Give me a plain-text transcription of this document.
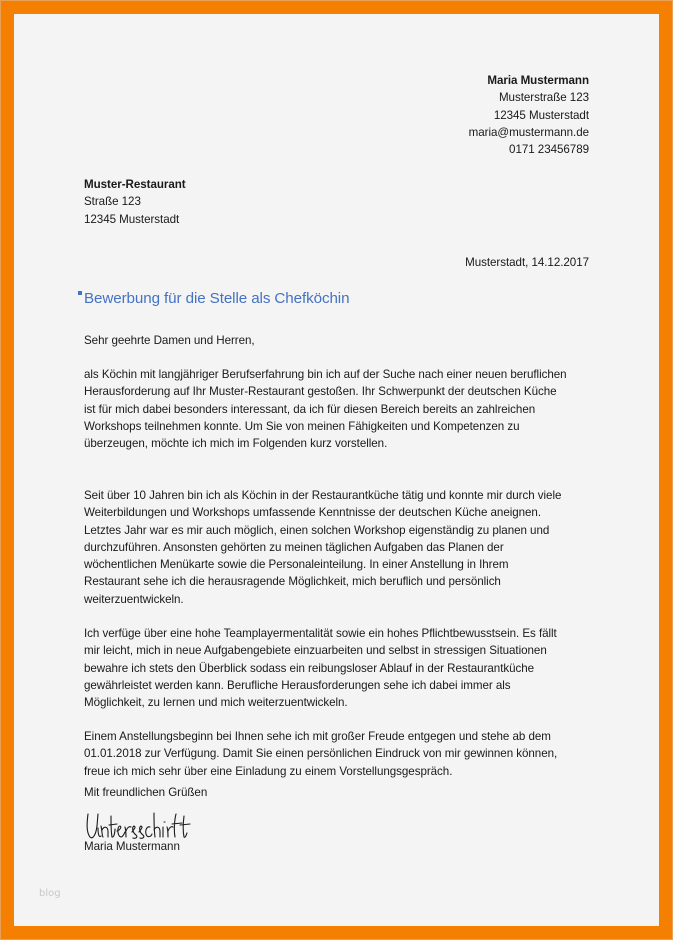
Maria Mustermann
Musterstraße 123
12345 Musterstadt
maria@mustermann.de
0171 23456789
Muster-Restaurant
Straße 123
12345 Musterstadt
Musterstadt, 14.12.2017
Bewerbung für die Stelle als Chefköchin
Sehr geehrte Damen und Herren,
als Köchin mit langjähriger Berufserfahrung bin ich auf der Suche nach einer neuen beruflichen
Herausforderung auf Ihr Muster-Restaurant gestoßen. Ihr Schwerpunkt der deutschen Küche
ist für mich dabei besonders interessant, da ich für diesen Bereich bereits an zahlreichen
Workshops teilnehmen konnte. Um Sie von meinen Fähigkeiten und Kompetenzen zu
überzeugen, möchte ich mich im Folgenden kurz vorstellen.
Seit über 10 Jahren bin ich als Köchin in der Restaurantküche tätig und konnte mir durch viele
Weiterbildungen und Workshops umfassende Kenntnisse der deutschen Küche aneignen.
Letztes Jahr war es mir auch möglich, einen solchen Workshop eigenständig zu planen und
durchzuführen. Ansonsten gehörten zu meinen täglichen Aufgaben das Planen der
wöchentlichen Menükarte sowie die Personaleinteilung. In einer Anstellung in Ihrem
Restaurant sehe ich die herausragende Möglichkeit, mich beruflich und persönlich
weiterzuentwickeln.
Ich verfüge über eine hohe Teamplayermentalität sowie ein hohes Pflichtbewusstsein. Es fällt
mir leicht, mich in neue Aufgabengebiete einzuarbeiten und selbst in stressigen Situationen
bewahre ich stets den Überblick sodass ein reibungsloser Ablauf in der Restaurantküche
gewährleistet werden kann. Berufliche Herausforderungen sehe ich dabei immer als
Möglichkeit, zu lernen und mich weiterzuentwickeln.
Einem Anstellungsbeginn bei Ihnen sehe ich mit großer Freude entgegen und stehe ab dem
01.01.2018 zur Verfügung. Damit Sie einen persönlichen Eindruck von mir gewinnen können,
freue ich mich sehr über eine Einladung zu einem Vorstellungsgespräch.
Mit freundlichen Grüßen
Maria Mustermann
blog
